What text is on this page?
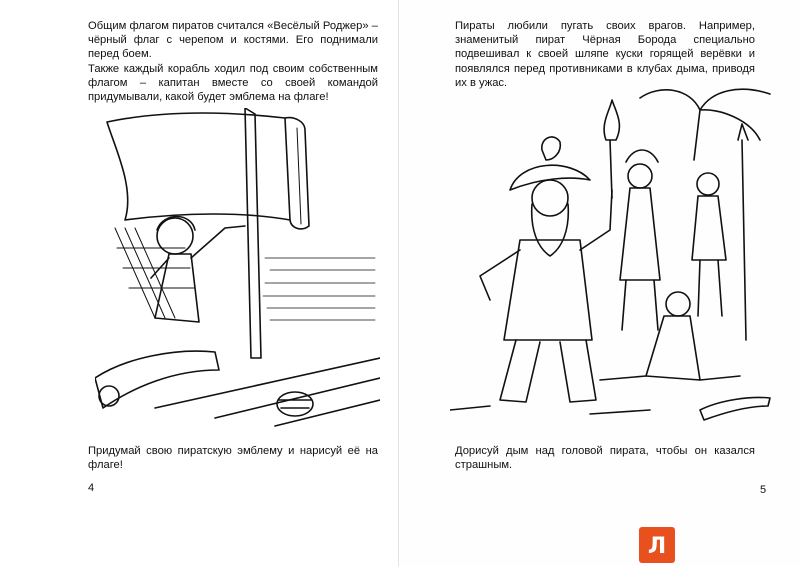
Общим флагом пиратов считался «Весёлый Роджер» – чёрный флаг с черепом и костями. Его поднимали перед боем.

Также каждый корабль ходил под своим собственным флагом – капитан вместе со своей командой придумывали, какой будет эмблема на флаге!

Придумай свою пиратскую эмблему и нарисуй её на флаге!
4
Пираты любили пугать своих врагов. Например, знаменитый пират Чёрная Борода специально подвешивал к своей шляпе куски горящей верёвки и появлялся перед противниками в клубах дыма, приводя их в ужас.
Дорисуй дым над головой пирата, чтобы он казался страшным.
5
Л
